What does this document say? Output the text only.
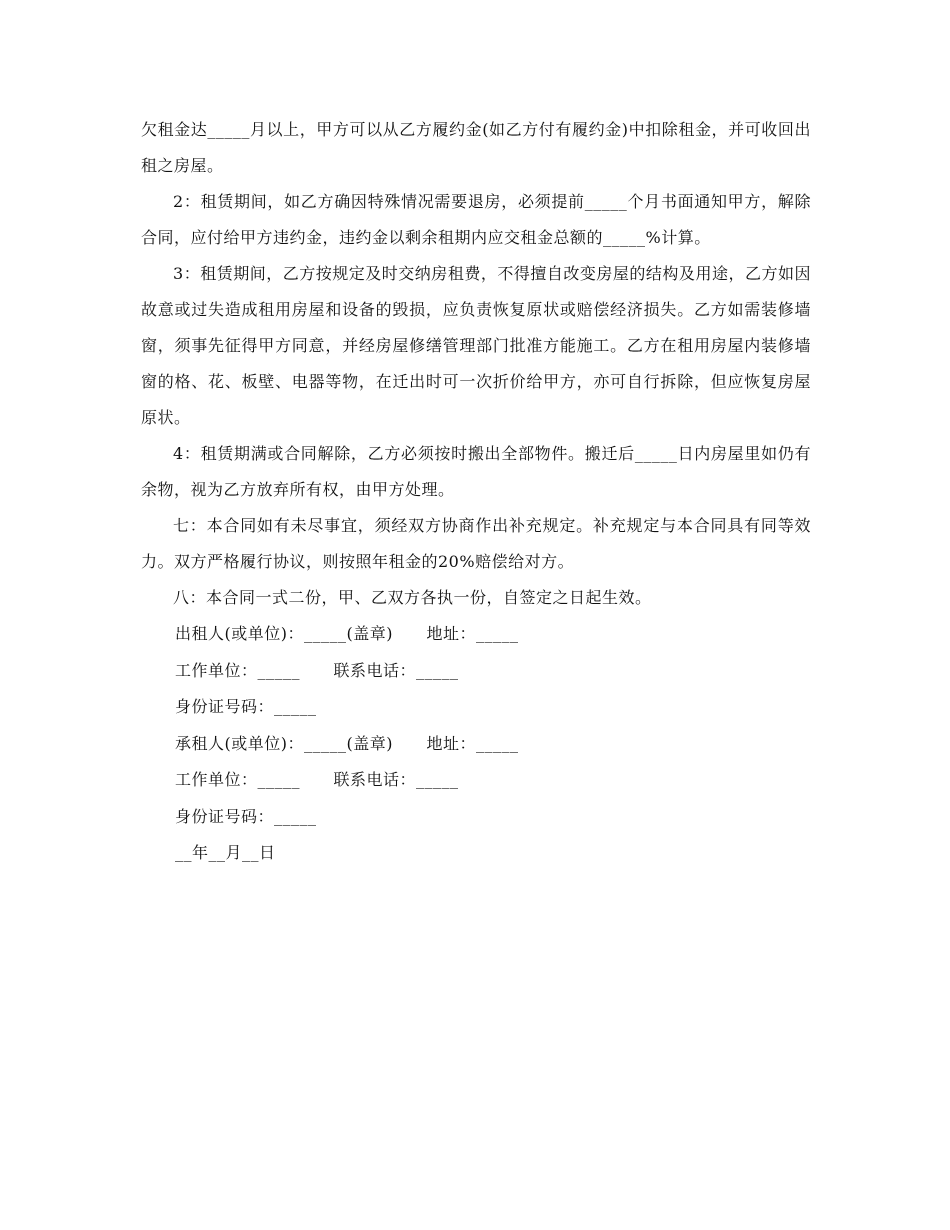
欠租金达_____月以上，甲方可以从乙方履约金(如乙方付有履约金)中扣除租金，并可收回出租之房屋。

2：租赁期间，如乙方确因特殊情况需要退房，必须提前_____个月书面通知甲方，解除合同，应付给甲方违约金，违约金以剩余租期内应交租金总额的_____%计算。

3：租赁期间，乙方按规定及时交纳房租费，不得擅自改变房屋的结构及用途，乙方如因故意或过失造成租用房屋和设备的毁损，应负责恢复原状或赔偿经济损失。乙方如需装修墙窗，须事先征得甲方同意，并经房屋修缮管理部门批准方能施工。乙方在租用房屋内装修墙窗的格、花、板壁、电器等物，在迁出时可一次折价给甲方，亦可自行拆除，但应恢复房屋原状。

4：租赁期满或合同解除，乙方必须按时搬出全部物件。搬迁后_____日内房屋里如仍有余物，视为乙方放弃所有权，由甲方处理。

七：本合同如有未尽事宜，须经双方协商作出补充规定。补充规定与本合同具有同等效力。双方严格履行协议，则按照年租金的20%赔偿给对方。

八：本合同一式二份，甲、乙双方各执一份，自签定之日起生效。

出租人(或单位)：_____(盖章)      地址：_____

工作单位：_____      联系电话：_____

身份证号码：_____

承租人(或单位)：_____(盖章)      地址：_____

工作单位：_____      联系电话：_____

身份证号码：_____

__年__月__日
